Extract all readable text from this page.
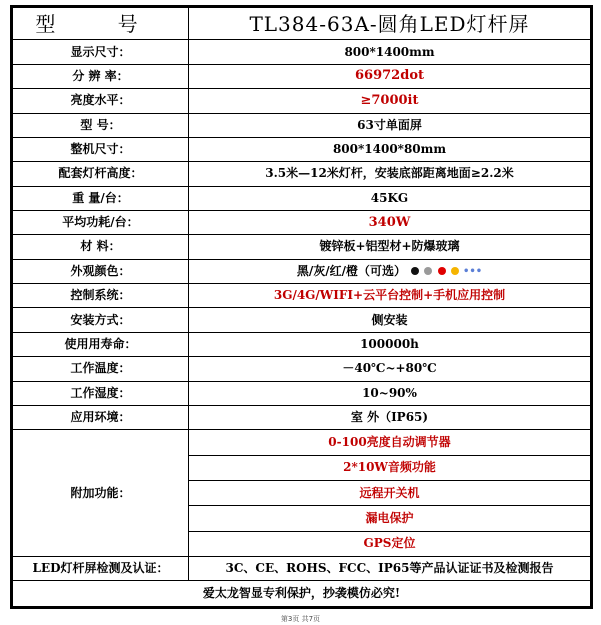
型 号	TL384-63A-圆角LED灯杆屏
显示尺寸：	800*1400mm
分 辨 率：	66972dot
亮度水平：	≥7000it
型 号：	63寸单面屏
整机尺寸：	800*1400*80mm
配套灯杆高度：	3.5米—12米灯杆，安装底部距离地面≥2.2米
重 量/台：	45KG
平均功耗/台：	340W
材 料：	镀锌板+铝型材+防爆玻璃
外观颜色：	黑/灰/红/橙（可选） •••
控制系统：	3G/4G/WIFI+云平台控制+手机应用控制
安装方式：	侧安装
使用用寿命：	100000h
工作温度：	－40℃~+80℃
工作湿度：	10~90%
应用环境：	室 外（IP65)
附加功能：	0-100亮度自动调节器
	2*10W音频功能
	远程开关机
	漏电保护
	GPS定位
LED灯杆屏检测及认证：	3C、CE、ROHS、FCC、IP65等产品认证证书及检测报告
爱太龙智显专利保护，抄袭模仿必究!	
第3页 共7页
